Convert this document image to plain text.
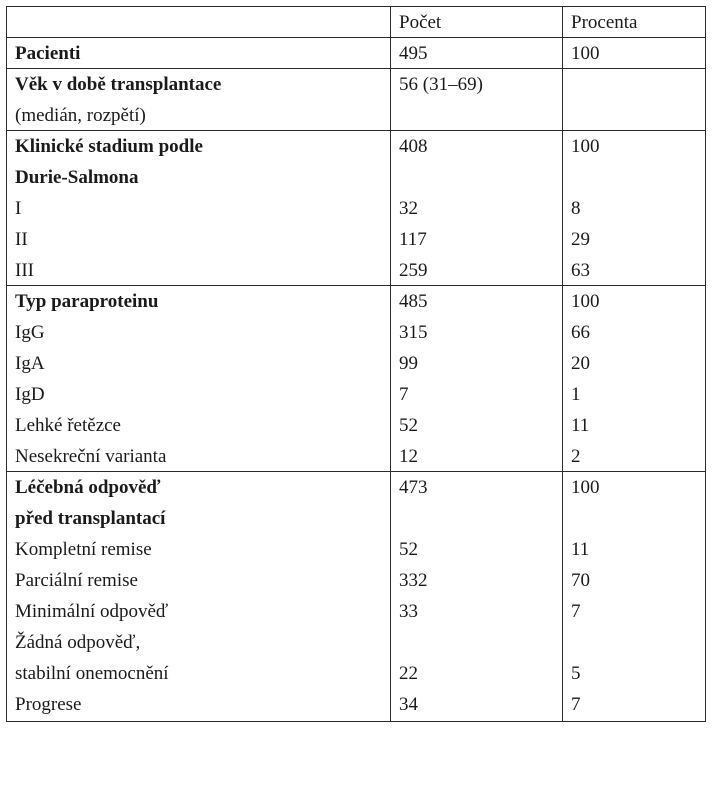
	Počet	Procenta
Pacienti	495	100
Věk v době transplantace	56 (31–69)	
(medián, rozpětí)		
Klinické stadium podle	408	100
Durie-Salmona		
I	32	8
II	117	29
III	259	63
Typ paraproteinu	485	100
IgG	315	66
IgA	99	20
IgD	7	1
Lehké řetězce	52	11
Nesekreční varianta	12	2
Léčebná odpověď	473	100
před transplantací		
Kompletní remise	52	11
Parciální remise	332	70
Minimální odpověď	33	7
Žádná odpověď,		
stabilní onemocnění	22	5
Progrese	34	7
